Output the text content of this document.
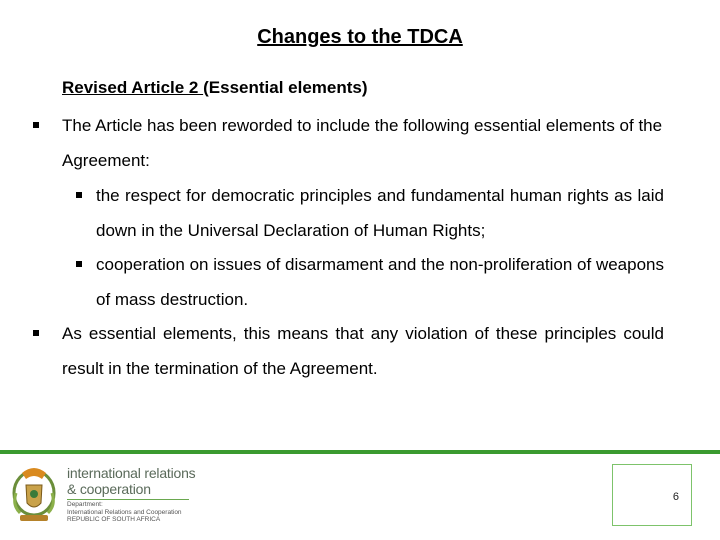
Changes to the TDCA
Revised Article 2 (Essential elements)
The Article has been reworded to include the following essential elements of the Agreement:
the respect for democratic principles and fundamental human rights as laid down in the Universal Declaration of Human Rights;
cooperation on issues of disarmament and the non-proliferation of weapons of mass destruction.
As essential elements, this means that any violation of these principles could result in the termination of the Agreement.
international relations
& cooperation
Department:
International Relations and Cooperation
REPUBLIC OF SOUTH AFRICA
6
